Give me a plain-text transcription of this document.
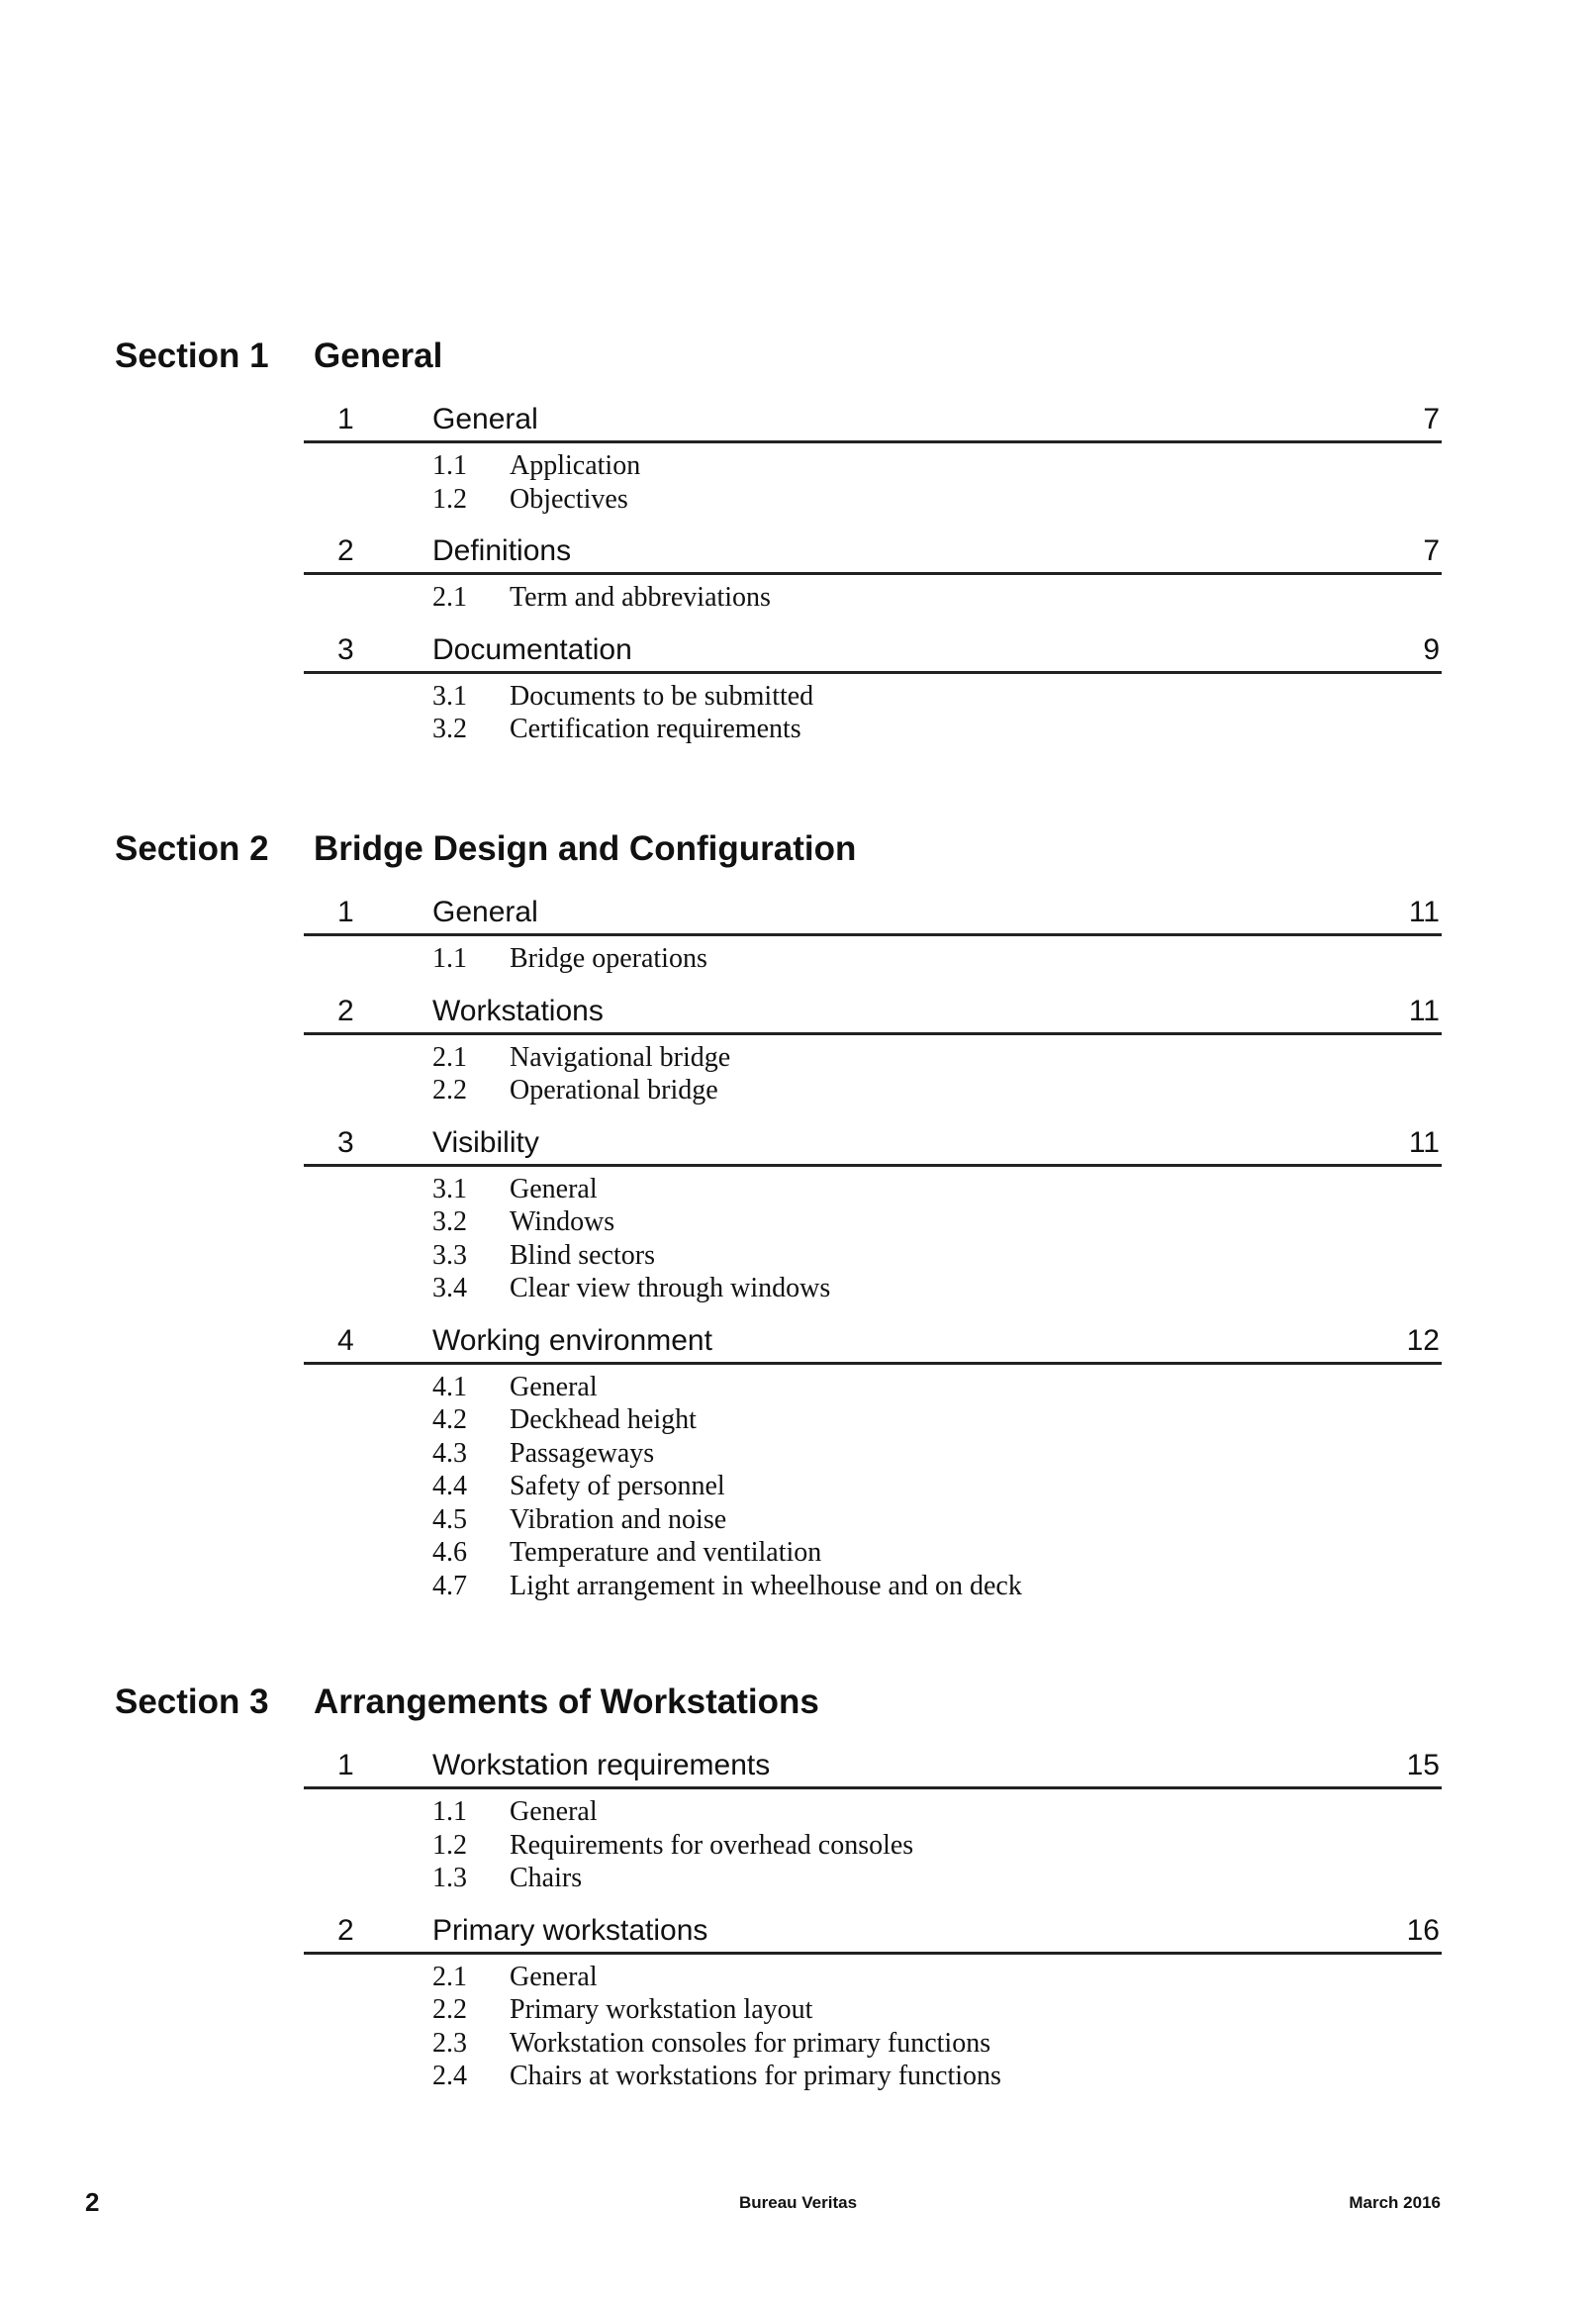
Section 1 General
1	General	7
1.1 Application
1.2 Objectives
2	Definitions	7
2.1 Term and abbreviations
3	Documentation	9
3.1 Documents to be submitted
3.2 Certification requirements
Section 2 Bridge Design and Configuration
1	General	11
1.1 Bridge operations
2	Workstations	11
2.1 Navigational bridge
2.2 Operational bridge
3	Visibility	11
3.1 General
3.2 Windows
3.3 Blind sectors
3.4 Clear view through windows
4	Working environment	12
4.1 General
4.2 Deckhead height
4.3 Passageways
4.4 Safety of personnel
4.5 Vibration and noise
4.6 Temperature and ventilation
4.7 Light arrangement in wheelhouse and on deck
Section 3 Arrangements of Workstations
1	Workstation requirements	15
1.1 General
1.2 Requirements for overhead consoles
1.3 Chairs
2	Primary workstations	16
2.1 General
2.2 Primary workstation layout
2.3 Workstation consoles for primary functions
2.4 Chairs at workstations for primary functions
2	Bureau Veritas	March 2016
